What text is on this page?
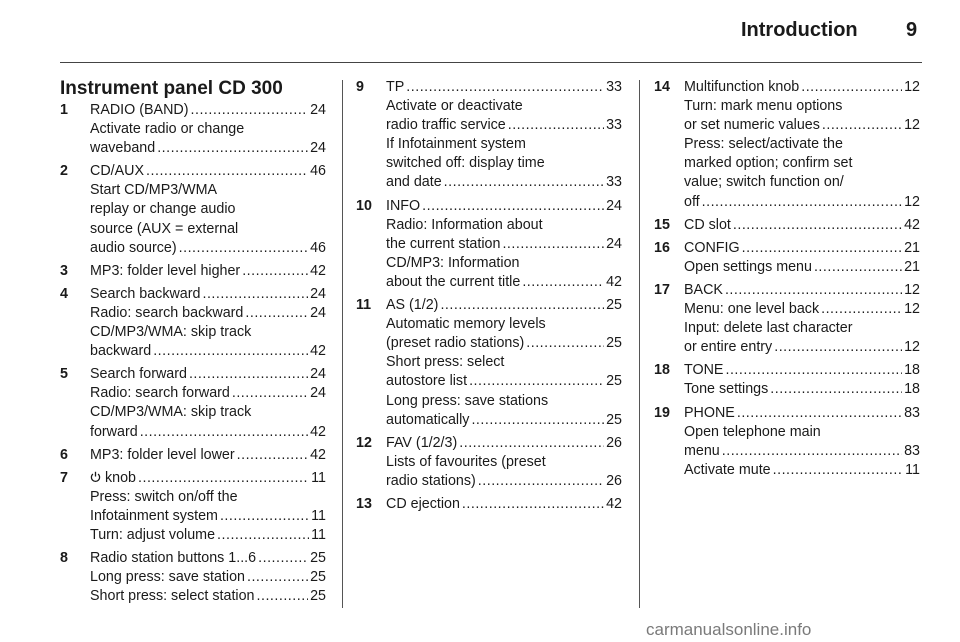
Introduction 9
Instrument panel CD 300
1 RADIO (BAND) .....	24
Activate radio or change
waveband .....	24
2 CD/AUX .....	46
Start CD/MP3/WMA
replay or change audio
source (AUX = external
audio source) .....	46
3 MP3: folder level higher .....	42
4 Search backward .....	24
Radio: search backward .....	24
CD/MP3/WMA: skip track
backward .....	42
5 Search forward .....	24
Radio: search forward .....	24
CD/MP3/WMA: skip track
forward .....	42
6 MP3: folder level lower .....	42
7	knob .....	11
Press: switch on/off the
Infotainment system .....	11
Turn: adjust volume .....	11
8 Radio station buttons 1...6 .....	25
Long press: save station .....	25
Short press: select station .....	25
9 TP .....	33
Activate or deactivate
radio traffic service .....	33
If Infotainment system
switched off: display time
and date .....	33
10 INFO .....	24
Radio: Information about
the current station .....	24
CD/MP3: Information
about the current title .....	42
11 AS (1/2) .....	25
Automatic memory levels
(preset radio stations) .....	25
Short press: select
autostore list .....	25
Long press: save stations
automatically .....	25
12 FAV (1/2/3) .....	26
Lists of favourites (preset
radio stations) .....	26
13 CD ejection .....	42
14 Multifunction knob .....	12
Turn: mark menu options
or set numeric values .....	12
Press: select/activate the
marked option; confirm set
value; switch function on/
off .....	12
15 CD slot .....	42
16 CONFIG .....	21
Open settings menu .....	21
17 BACK .....	12
Menu: one level back .....	12
Input: delete last character
or entire entry .....	12
18 TONE .....	18
Tone settings .....	18
19 PHONE .....	83
Open telephone main
menu .....	83
Activate mute .....	11
carmanualsonline.info
